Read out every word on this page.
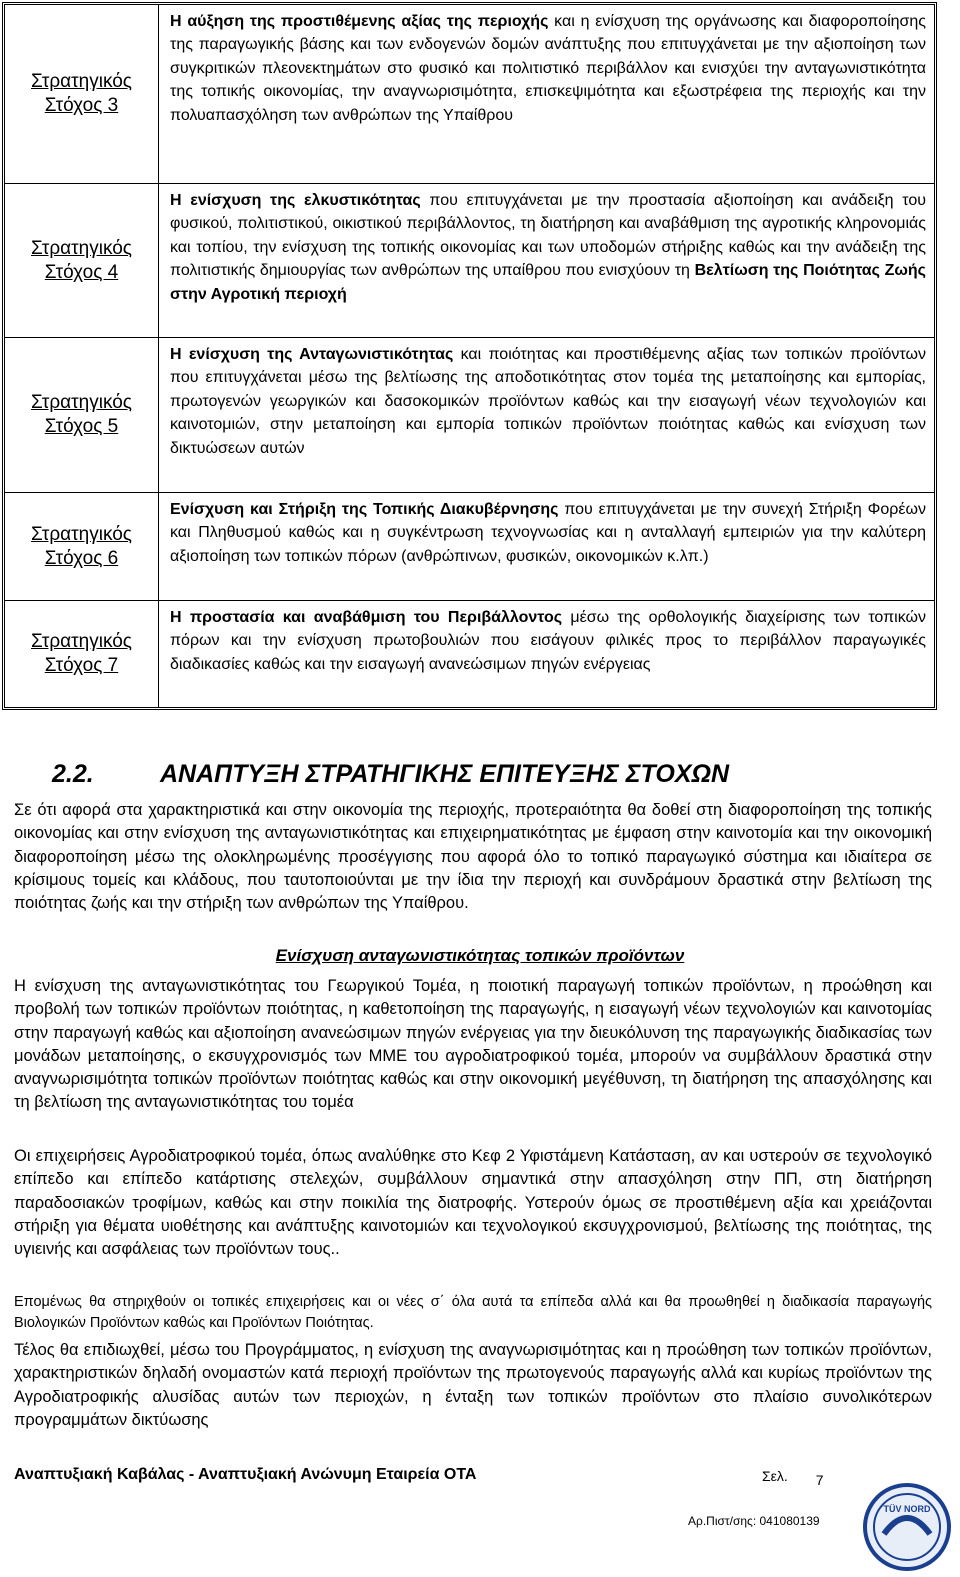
Στρατηγικός
Στόχος 3
Η αύξηση της προστιθέμενης αξίας της περιοχής και η ενίσχυση της οργάνωσης και διαφοροποίησης της παραγωγικής βάσης και των ενδογενών δομών ανάπτυξης που επιτυγχάνεται με την αξιοποίηση των συγκριτικών πλεονεκτημάτων στο φυσικό και πολιτιστικό περιβάλλον και ενισχύει την ανταγωνιστικότητα της τοπικής οικονομίας, την αναγνωρισιμότητα, επισκεψιμότητα και εξωστρέφεια της περιοχής και την πολυαπασχόληση των ανθρώπων της Υπαίθρου
Στρατηγικός
Στόχος 4
Η ενίσχυση της ελκυστικότητας που επιτυγχάνεται με την προστασία αξιοποίηση και ανάδειξη του φυσικού, πολιτιστικού, οικιστικού περιβάλλοντος, τη διατήρηση και αναβάθμιση της αγροτικής κληρονομιάς και τοπίου, την ενίσχυση της τοπικής οικονομίας και των υποδομών στήριξης καθώς και την ανάδειξη της πολιτιστικής δημιουργίας των ανθρώπων της υπαίθρου που ενισχύουν τη Βελτίωση της Ποιότητας Ζωής στην Αγροτική περιοχή
Στρατηγικός
Στόχος 5
Η ενίσχυση της Ανταγωνιστικότητας και ποιότητας και προστιθέμενης αξίας των τοπικών προϊόντων που επιτυγχάνεται μέσω της βελτίωσης της αποδοτικότητας στον τομέα της μεταποίησης και εμπορίας, πρωτογενών γεωργικών και δασοκομικών προϊόντων καθώς και την εισαγωγή νέων τεχνολογιών και καινοτομιών, στην μεταποίηση και εμπορία τοπικών προϊόντων ποιότητας καθώς και ενίσχυση των δικτυώσεων αυτών
Στρατηγικός
Στόχος 6
Ενίσχυση και Στήριξη της Τοπικής Διακυβέρνησης που επιτυγχάνεται με την συνεχή Στήριξη Φορέων και Πληθυσμού καθώς και η συγκέντρωση τεχνογνωσίας και η ανταλλαγή εμπειριών για την καλύτερη αξιοποίηση των τοπικών πόρων (ανθρώπινων, φυσικών, οικονομικών κ.λπ.)
Στρατηγικός
Στόχος 7
Η προστασία και αναβάθμιση του Περιβάλλοντος μέσω της ορθολογικής διαχείρισης των τοπικών πόρων και την ενίσχυση πρωτοβουλιών που εισάγουν φιλικές προς το περιβάλλον παραγωγικές διαδικασίες καθώς και την εισαγωγή ανανεώσιμων πηγών ενέργειας
2.2.	ΑΝΑΠΤΥΞΗ ΣΤΡΑΤΗΓΙΚΗΣ ΕΠΙΤΕΥΞΗΣ ΣΤΟΧΩΝ
Σε ότι αφορά στα χαρακτηριστικά και στην οικονομία της περιοχής, προτεραιότητα θα δοθεί στη διαφοροποίηση της τοπικής οικονομίας και στην ενίσχυση της ανταγωνιστικότητας και επιχειρηματικότητας με έμφαση στην καινοτομία και την οικονομική διαφοροποίηση μέσω της ολοκληρωμένης προσέγγισης που αφορά όλο το τοπικό παραγωγικό σύστημα και ιδιαίτερα σε κρίσιμους τομείς και κλάδους, που ταυτοποιούνται με την ίδια την περιοχή και συνδράμουν δραστικά στην βελτίωση της ποιότητας ζωής και την στήριξη των ανθρώπων της Υπαίθρου.
Ενίσχυση ανταγωνιστικότητας τοπικών προϊόντων
Η ενίσχυση της ανταγωνιστικότητας του Γεωργικού Τομέα, η ποιοτική παραγωγή τοπικών προϊόντων, η προώθηση και προβολή των τοπικών προϊόντων ποιότητας, η καθετοποίηση της παραγωγής, η εισαγωγή νέων τεχνολογιών και καινοτομίας στην παραγωγή καθώς και αξιοποίηση ανανεώσιμων πηγών ενέργειας για την διευκόλυνση της παραγωγικής διαδικασίας των μονάδων μεταποίησης, ο εκσυγχρονισμός των ΜΜΕ του αγροδιατροφικού τομέα, μπορούν να συμβάλλουν δραστικά στην αναγνωρισιμότητα τοπικών προϊόντων ποιότητας καθώς και στην οικονομική μεγέθυνση, τη διατήρηση της απασχόλησης και τη βελτίωση της ανταγωνιστικότητας του τομέα
Οι επιχειρήσεις Αγροδιατροφικού τομέα, όπως αναλύθηκε στο Κεφ 2 Υφιστάμενη Κατάσταση, αν και υστερούν σε τεχνολογικό επίπεδο και επίπεδο κατάρτισης στελεχών, συμβάλλουν σημαντικά στην απασχόληση στην ΠΠ, στη διατήρηση παραδοσιακών τροφίμων, καθώς και στην ποικιλία της διατροφής. Υστερούν όμως σε προστιθέμενη αξία και χρειάζονται στήριξη για θέματα υιοθέτησης και ανάπτυξης καινοτομιών και τεχνολογικού εκσυγχρονισμού, βελτίωσης της ποιότητας, της υγιεινής και ασφάλειας των προϊόντων τους..
Επομένως θα στηριχθούν οι τοπικές επιχειρήσεις και οι νέες σ΄ όλα αυτά τα επίπεδα αλλά και θα προωθηθεί η διαδικασία παραγωγής Βιολογικών Προϊόντων καθώς και Προϊόντων Ποιότητας.
Τέλος θα επιδιωχθεί, μέσω του Προγράμματος, η ενίσχυση της αναγνωρισιμότητας και η προώθηση των τοπικών προϊόντων, χαρακτηριστικών δηλαδή ονομαστών κατά περιοχή προϊόντων της πρωτογενούς παραγωγής αλλά και κυρίως προϊόντων της Αγροδιατροφικής αλυσίδας αυτών των περιοχών, η ένταξη των τοπικών προϊόντων στο πλαίσιο συνολικότερων προγραμμάτων δικτύωσης
Αναπτυξιακή Καβάλας - Αναπτυξιακή Ανώνυμη Εταιρεία ΟΤΑ	Σελ. 7
Αρ.Πιστ/σης: 041080139
TÜV NORD
